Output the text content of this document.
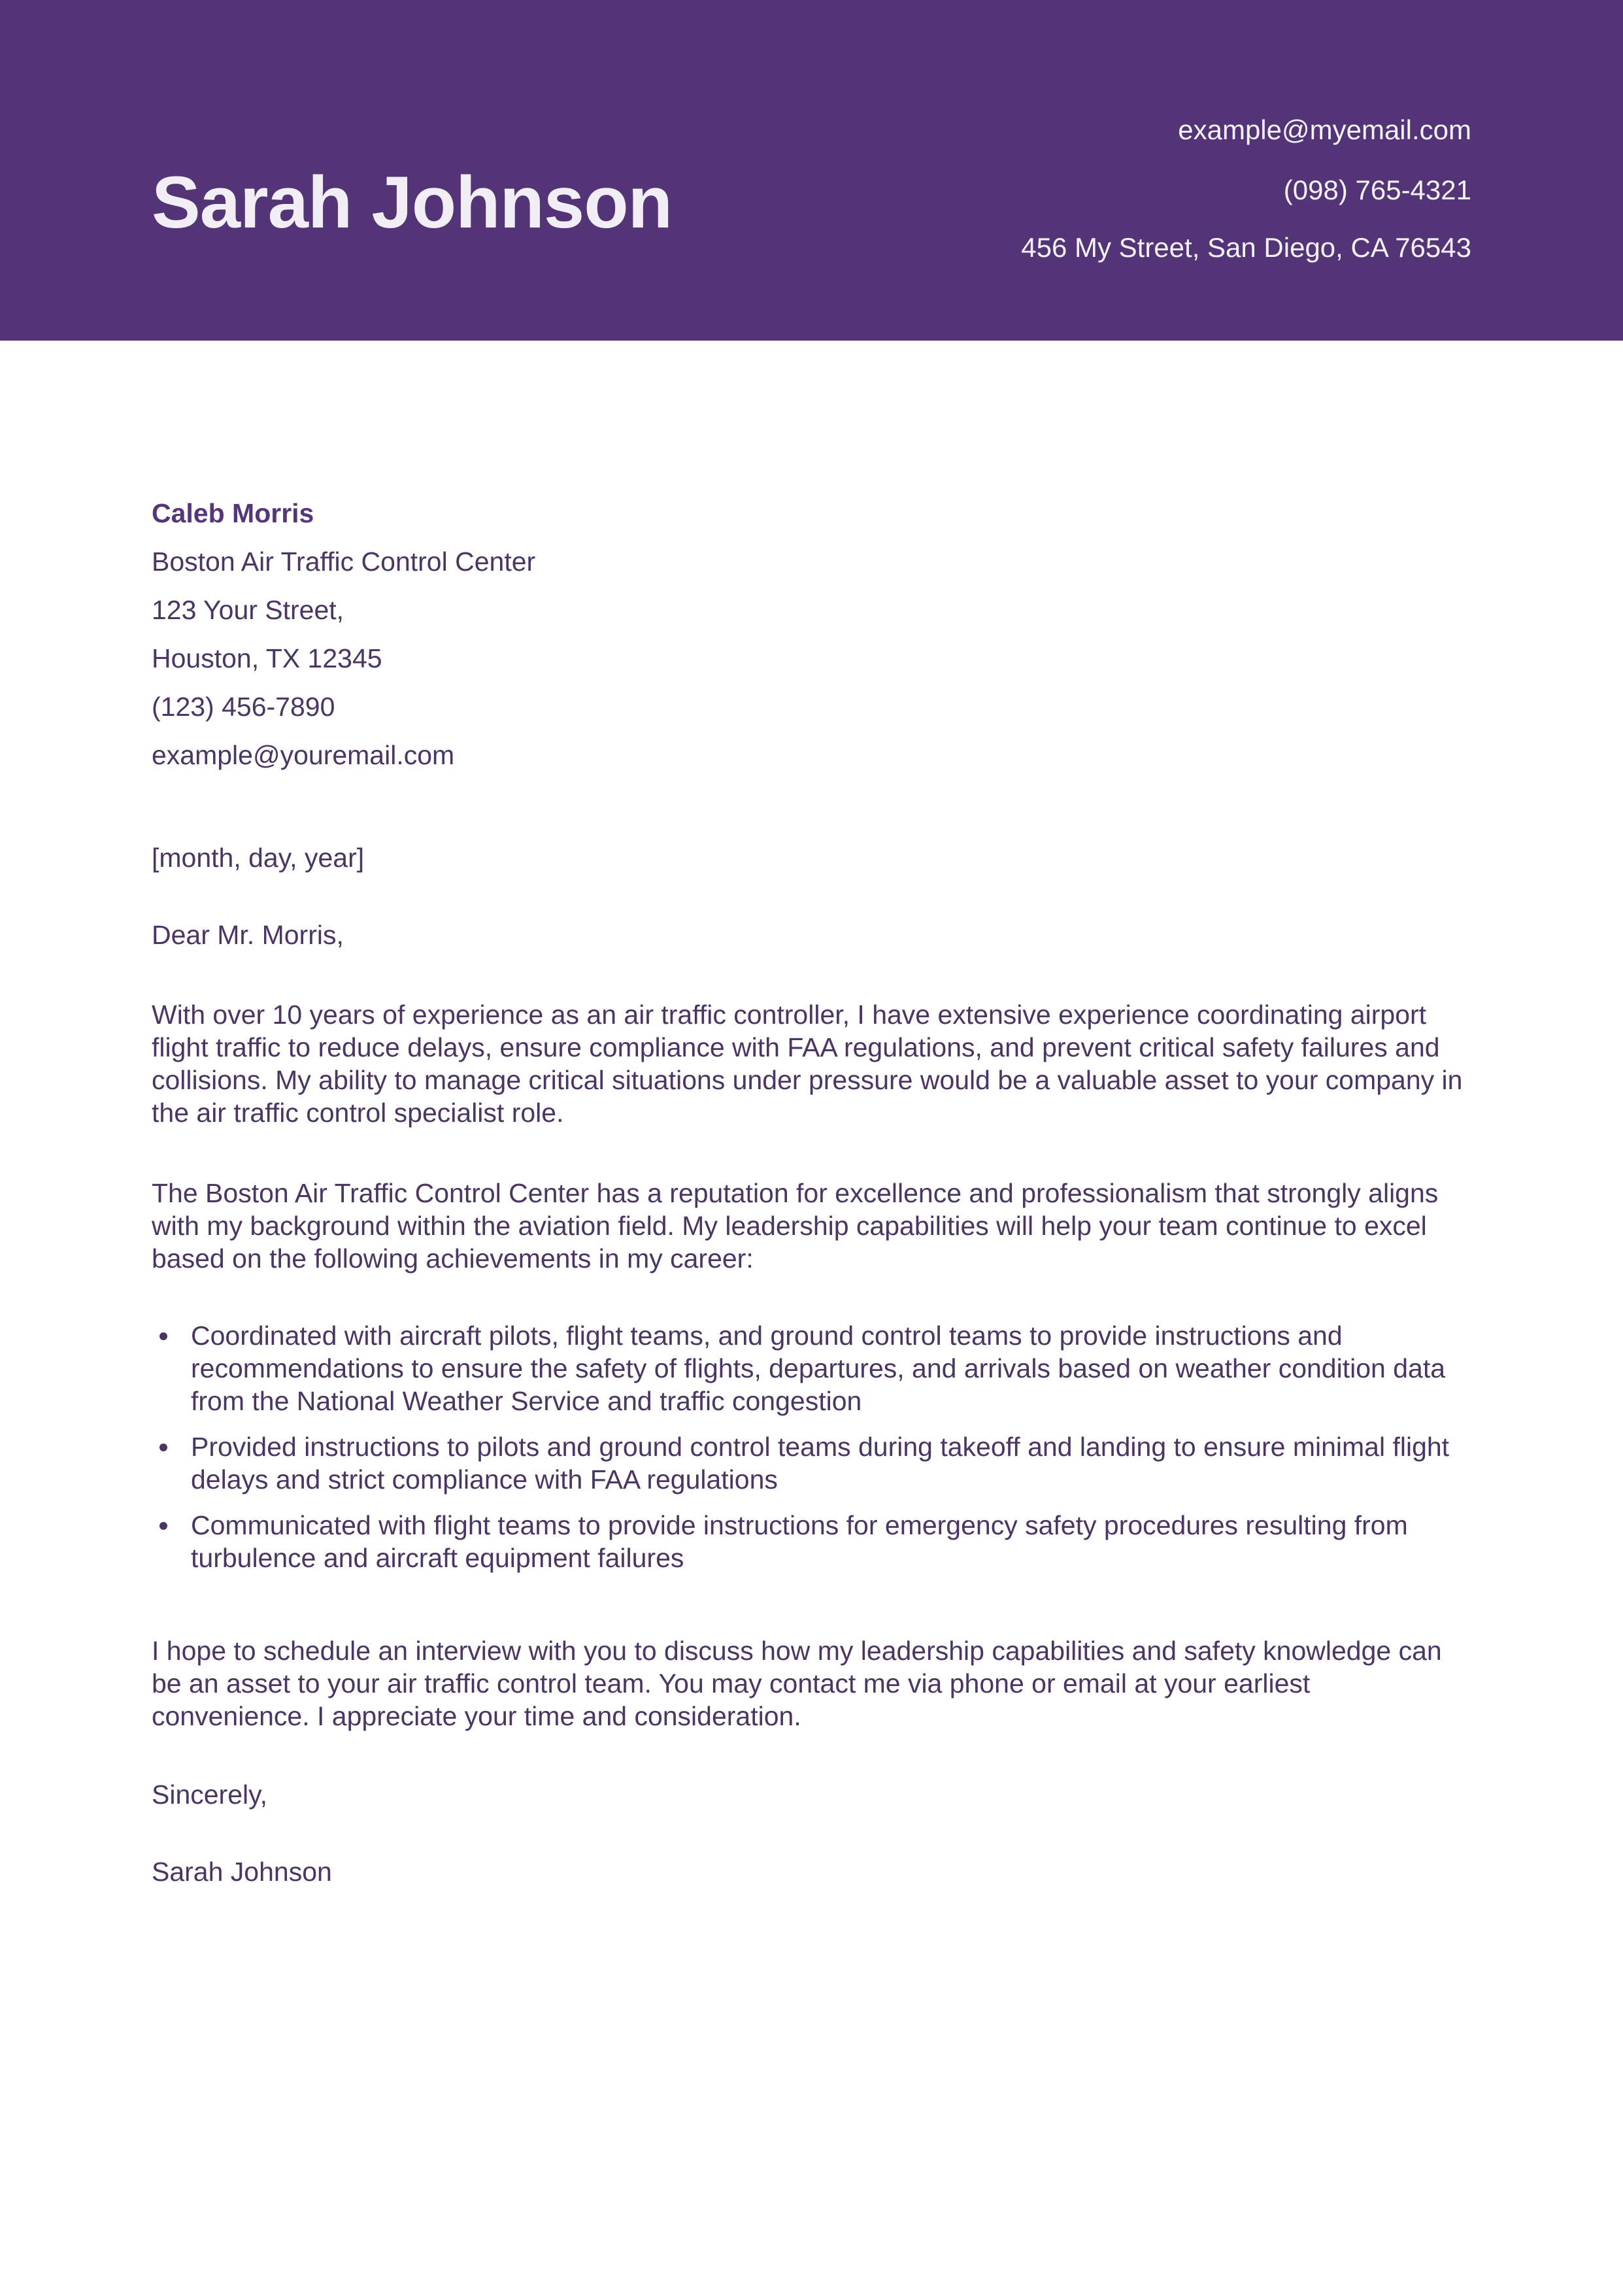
Sarah Johnson
example@myemail.com
(098) 765-4321
456 My Street, San Diego, CA 76543
Caleb Morris
Boston Air Traffic Control Center
123 Your Street,
Houston, TX 12345
(123) 456-7890
example@youremail.com
[month, day, year]
Dear Mr. Morris,

With over 10 years of experience as an air traffic controller, I have extensive experience coordinating airport flight traffic to reduce delays, ensure compliance with FAA regulations, and prevent critical safety failures and collisions. My ability to manage critical situations under pressure would be a valuable asset to your company in the air traffic control specialist role.

The Boston Air Traffic Control Center has a reputation for excellence and professionalism that strongly aligns with my background within the aviation field. My leadership capabilities will help your team continue to excel based on the following achievements in my career:

Coordinated with aircraft pilots, flight teams, and ground control teams to provide instructions and recommendations to ensure the safety of flights, departures, and arrivals based on weather condition data from the National Weather Service and traffic congestion
Provided instructions to pilots and ground control teams during takeoff and landing to ensure minimal flight delays and strict compliance with FAA regulations
Communicated with flight teams to provide instructions for emergency safety procedures resulting from turbulence and aircraft equipment failures

I hope to schedule an interview with you to discuss how my leadership capabilities and safety knowledge can be an asset to your air traffic control team. You may contact me via phone or email at your earliest convenience. I appreciate your time and consideration.

Sincerely,
Sarah Johnson
